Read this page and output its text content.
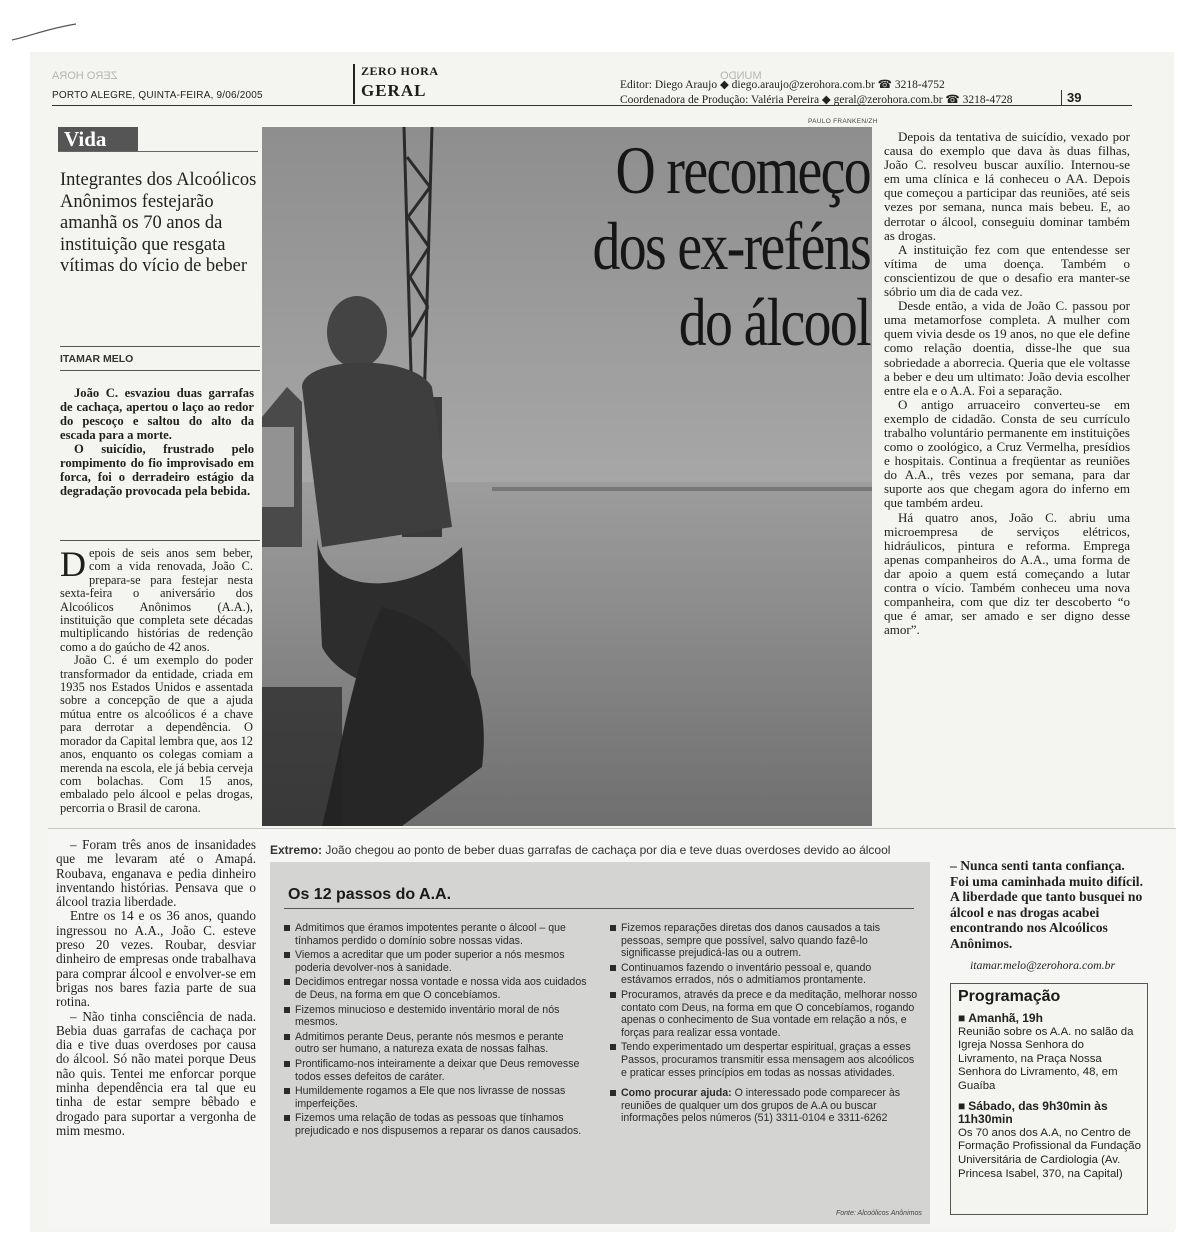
ZERO HORA	MUNDO
PORTO ALEGRE, QUINTA-FEIRA, 9/06/2005
ZERO HORA
GERAL	Editor: Diego Araujo ◆ diego.araujo@zerohora.com.br ☎ 3218-4752
Coordenadora de Produção: Valéria Pereira ◆ geral@zerohora.com.br ☎ 3218-4728	39
Vida
Integrantes dos Alcoólicos Anônimos festejarão amanhã os 70 anos da instituição que resgata vítimas do vício de beber
ITAMAR MELO

João C. esvaziou duas garrafas de cachaça, apertou o laço ao redor do pescoço e saltou do alto da escada para a morte.

O suicídio, frustrado pelo rompimento do fio improvisado em forca, foi o derradeiro estágio da degradação provocada pela bebida.

Depois de seis anos sem beber, com a vida renovada, João C. prepara-se para festejar nesta sexta-feira o aniversário dos Alcoólicos Anônimos (A.A.), instituição que completa sete décadas multiplicando histórias de redenção como a do gaúcho de 42 anos.

João C. é um exemplo do poder transformador da entidade, criada em 1935 nos Estados Unidos e assentada sobre a concepção de que a ajuda mútua entre os alcoólicos é a chave para derrotar a dependência. O morador da Capital lembra que, aos 12 anos, enquanto os colegas comiam a merenda na escola, ele já bebia cerveja com bolachas. Com 15 anos, embalado pelo álcool e pelas drogas, percorria o Brasil de carona.

PAULO FRANKEN/ZH
O recomeço
dos ex-reféns
do álcool

Depois da tentativa de suicídio, vexado por causa do exemplo que dava às duas filhas, João C. resolveu buscar auxílio. Internou-se em uma clínica e lá conheceu o AA. Depois que começou a participar das reuniões, até seis vezes por semana, nunca mais bebeu. E, ao derrotar o álcool, conseguiu dominar também as drogas.

A instituição fez com que entendesse ser vítima de uma doença. Também o conscientizou de que o desafio era manter-se sóbrio um dia de cada vez.

Desde então, a vida de João C. passou por uma metamorfose completa. A mulher com quem vivia desde os 19 anos, no que ele define como relação doentia, disse-lhe que sua sobriedade a aborrecia. Queria que ele voltasse a beber e deu um ultimato: João devia escolher entre ela e o A.A. Foi a separação.

O antigo arruaceiro converteu-se em exemplo de cidadão. Consta de seu currículo trabalho voluntário permanente em instituições como o zoológico, a Cruz Vermelha, presídios e hospitais. Continua a freqüentar as reuniões do A.A., três vezes por semana, para dar suporte aos que chegam agora do inferno em que também ardeu.

Há quatro anos, João C. abriu uma microempresa de serviços elétricos, hidráulicos, pintura e reforma. Emprega apenas companheiros do A.A., uma forma de dar apoio a quem está começando a lutar contra o vício. Também conheceu uma nova companheira, com que diz ter descoberto “o que é amar, ser amado e ser digno desse amor”.

– Foram três anos de insanidades que me levaram até o Amapá. Roubava, enganava e pedia dinheiro inventando histórias. Pensava que o álcool trazia liberdade.

Entre os 14 e os 36 anos, quando ingressou no A.A., João C. esteve preso 20 vezes. Roubar, desviar dinheiro de empresas onde trabalhava para comprar álcool e envolver-se em brigas nos bares fazia parte de sua rotina.

– Não tinha consciência de nada. Bebia duas garrafas de cachaça por dia e tive duas overdoses por causa do álcool. Só não matei porque Deus não quis. Tentei me enforcar porque minha dependência era tal que eu tinha de estar sempre bêbado e drogado para suportar a vergonha de mim mesmo.

Extremo: João chegou ao ponto de beber duas garrafas de cachaça por dia e teve duas overdoses devido ao álcool
Os 12 passos do A.A.
Admitimos que éramos impotentes perante o álcool – que tínhamos perdido o domínio sobre nossas vidas.
Viemos a acreditar que um poder superior a nós mesmos poderia devolver-nos à sanidade.
Decidimos entregar nossa vontade e nossa vida aos cuidados de Deus, na forma em que O concebíamos.
Fizemos minucioso e destemido inventário moral de nós mesmos.
Admitimos perante Deus, perante nós mesmos e perante outro ser humano, a natureza exata de nossas falhas.
Prontificamo-nos inteiramente a deixar que Deus removesse todos esses defeitos de caráter.
Humildemente rogamos a Ele que nos livrasse de nossas imperfeições.
Fizemos uma relação de todas as pessoas que tínhamos prejudicado e nos dispusemos a reparar os danos causados.
Fizemos reparações diretas dos danos causados a tais pessoas, sempre que possível, salvo quando fazê-lo significasse prejudicá-las ou a outrem.
Continuamos fazendo o inventário pessoal e, quando estávamos errados, nós o admitíamos prontamente.
Procuramos, através da prece e da meditação, melhorar nosso contato com Deus, na forma em que O concebíamos, rogando apenas o conhecimento de Sua vontade em relação a nós, e forças para realizar essa vontade.
Tendo experimentado um despertar espiritual, graças a esses Passos, procuramos transmitir essa mensagem aos alcoólicos e praticar esses princípios em todas as nossas atividades.
Como procurar ajuda: O interessado pode comparecer às reuniões de qualquer um dos grupos de A.A ou buscar informações pelos números (51) 3311-0104 e 3311-6262
Fonte: Alcoólicos Anônimos

– Nunca senti tanta confiança. Foi uma caminhada muito difícil. A liberdade que tanto busquei no álcool e nas drogas acabei encontrando nos Alcoólicos Anônimos.

itamar.melo@zerohora.com.br
Programação
■ Amanhã, 19h
Reunião sobre os A.A. no salão da Igreja Nossa Senhora do Livramento, na Praça Nossa Senhora do Livramento, 48, em Guaíba
■ Sábado, das 9h30min às 11h30min
Os 70 anos dos A.A, no Centro de Formação Profissional da Fundação Universitária de Cardiologia (Av. Princesa Isabel, 370, na Capital)
